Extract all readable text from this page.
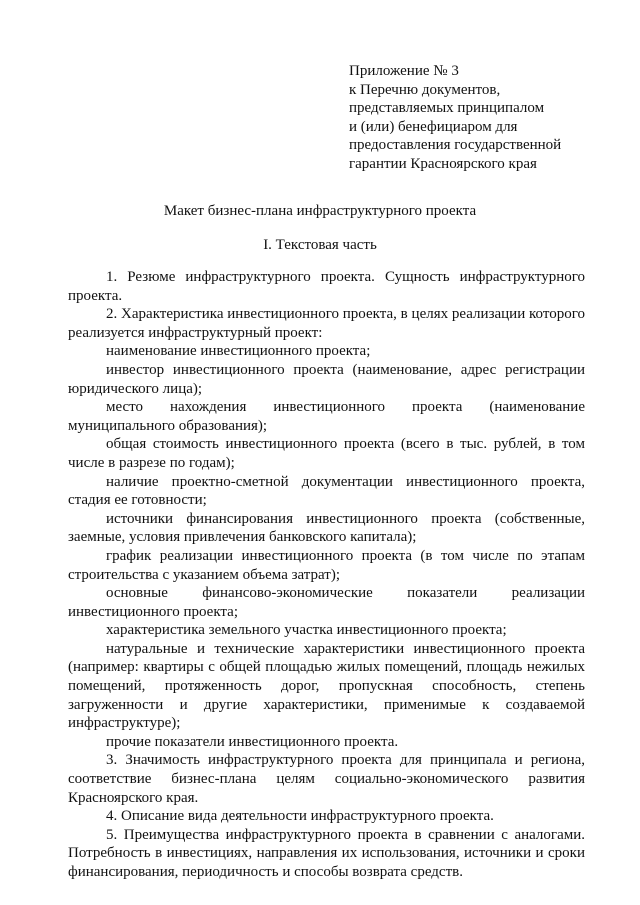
Приложение № 3
к Перечню документов,
представляемых принципалом
и (или) бенефициаром для
предоставления государственной
гарантии Красноярского края
Макет бизнес-плана инфраструктурного проекта
I. Текстовая часть

1. Резюме инфраструктурного проекта. Сущность инфраструктурного проекта.

2. Характеристика инвестиционного проекта, в целях реализации которого реализуется инфраструктурный проект:

наименование инвестиционного проекта;

инвестор инвестиционного проекта (наименование, адрес регистрации юридического лица);

место нахождения инвестиционного проекта (наименование муниципального образования);

общая стоимость инвестиционного проекта (всего в тыс. рублей, в том числе в разрезе по годам);

наличие проектно-сметной документации инвестиционного проекта, стадия ее готовности;

источники финансирования инвестиционного проекта (собственные, заемные, условия привлечения банковского капитала);

график реализации инвестиционного проекта (в том числе по этапам строительства с указанием объема затрат);

основные финансово-экономические показатели реализации инвестиционного проекта;

характеристика земельного участка инвестиционного проекта;

натуральные и технические характеристики инвестиционного проекта (например: квартиры с общей площадью жилых помещений, площадь нежилых помещений, протяженность дорог, пропускная способность, степень загруженности и другие характеристики, применимые к создаваемой инфраструктуре);

прочие показатели инвестиционного проекта.

3. Значимость инфраструктурного проекта для принципала и региона, соответствие бизнес-плана целям социально-экономического развития Красноярского края.

4. Описание вида деятельности инфраструктурного проекта.

5. Преимущества инфраструктурного проекта в сравнении с аналогами. Потребность в инвестициях, направления их использования, источники и сроки финансирования, периодичность и способы возврата средств.
